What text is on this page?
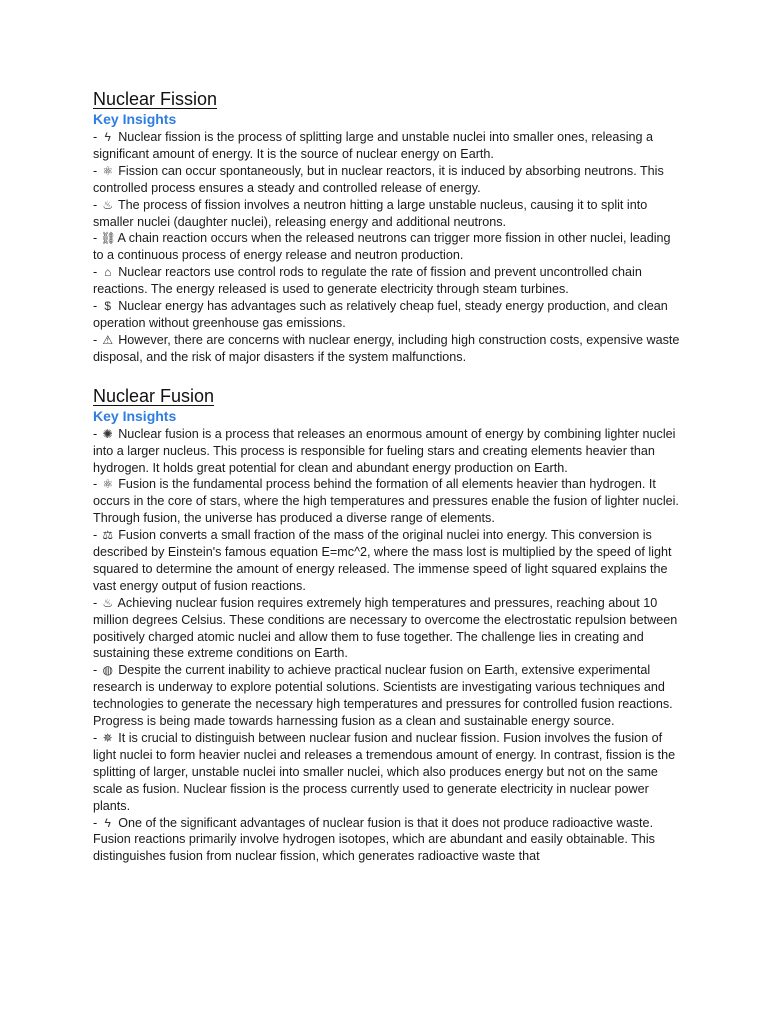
Nuclear Fission
Key Insights

- ϟ Nuclear fission is the process of splitting large and unstable nuclei into smaller ones, releasing a significant amount of energy. It is the source of nuclear energy on Earth.

- ⚛ Fission can occur spontaneously, but in nuclear reactors, it is induced by absorbing neutrons. This controlled process ensures a steady and controlled release of energy.

- ♨ The process of fission involves a neutron hitting a large unstable nucleus, causing it to split into smaller nuclei (daughter nuclei), releasing energy and additional neutrons.

- ⛓ A chain reaction occurs when the released neutrons can trigger more fission in other nuclei, leading to a continuous process of energy release and neutron production.

- ⌂ Nuclear reactors use control rods to regulate the rate of fission and prevent uncontrolled chain reactions. The energy released is used to generate electricity through steam turbines.

- $ Nuclear energy has advantages such as relatively cheap fuel, steady energy production, and clean operation without greenhouse gas emissions.

- ⚠ However, there are concerns with nuclear energy, including high construction costs, expensive waste disposal, and the risk of major disasters if the system malfunctions.

Nuclear Fusion
Key Insights

- ✺ Nuclear fusion is a process that releases an enormous amount of energy by combining lighter nuclei into a larger nucleus. This process is responsible for fueling stars and creating elements heavier than hydrogen. It holds great potential for clean and abundant energy production on Earth.

- ⚛ Fusion is the fundamental process behind the formation of all elements heavier than hydrogen. It occurs in the core of stars, where the high temperatures and pressures enable the fusion of lighter nuclei. Through fusion, the universe has produced a diverse range of elements.

- ⚖ Fusion converts a small fraction of the mass of the original nuclei into energy. This conversion is described by Einstein's famous equation E=mc^2, where the mass lost is multiplied by the speed of light squared to determine the amount of energy released. The immense speed of light squared explains the vast energy output of fusion reactions.

- ♨ Achieving nuclear fusion requires extremely high temperatures and pressures, reaching about 10 million degrees Celsius. These conditions are necessary to overcome the electrostatic repulsion between positively charged atomic nuclei and allow them to fuse together. The challenge lies in creating and sustaining these extreme conditions on Earth.

- ◍ Despite the current inability to achieve practical nuclear fusion on Earth, extensive experimental research is underway to explore potential solutions. Scientists are investigating various techniques and technologies to generate the necessary high temperatures and pressures for controlled fusion reactions. Progress is being made towards harnessing fusion as a clean and sustainable energy source.

- ✵ It is crucial to distinguish between nuclear fusion and nuclear fission. Fusion involves the fusion of light nuclei to form heavier nuclei and releases a tremendous amount of energy. In contrast, fission is the splitting of larger, unstable nuclei into smaller nuclei, which also produces energy but not on the same scale as fusion. Nuclear fission is the process currently used to generate electricity in nuclear power plants.

- ϟ One of the significant advantages of nuclear fusion is that it does not produce radioactive waste. Fusion reactions primarily involve hydrogen isotopes, which are abundant and easily obtainable. This distinguishes fusion from nuclear fission, which generates radioactive waste that
